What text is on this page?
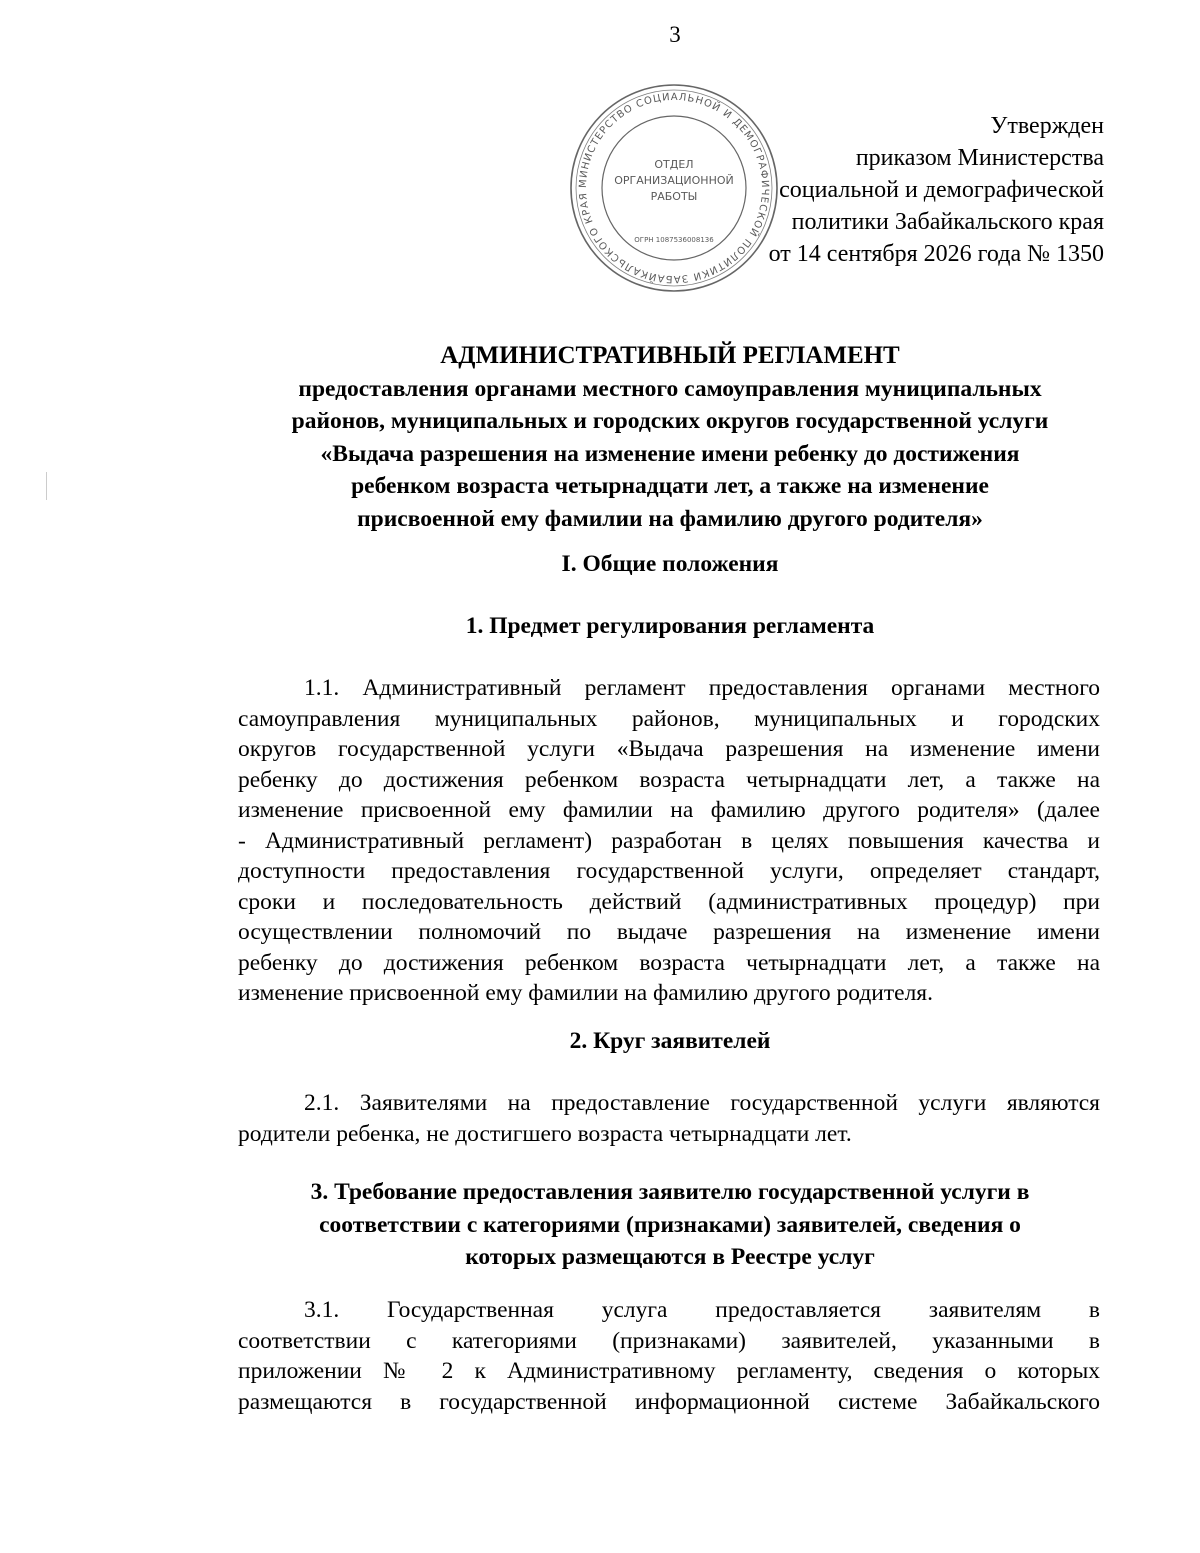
3
МИНИСТЕРСТВО СОЦИАЛЬНОЙ И ДЕМОГРАФИЧЕСКОЙ ПОЛИТИКИ ЗАБАЙКАЛЬСКОГО КРАЯ
ОТДЕЛ
ОРГАНИЗАЦИОННОЙ
РАБОТЫ
ОГРН 1087536008136
Утвержден
приказом Министерства
социальной и демографической
политики Забайкальского края
от 14 сентября 2026 года № 1350
АДМИНИСТРАТИВНЫЙ РЕГЛАМЕНТ
предоставления органами местного самоуправления муниципальных
районов, муниципальных и городских округов государственной услуги
«Выдача разрешения на изменение имени ребенку до достижения
ребенком возраста четырнадцати лет, а также на изменение
присвоенной ему фамилии на фамилию другого родителя»
I. Общие положения
1. Предмет регулирования регламента
1.1. Административный регламент предоставления органами местного
самоуправления муниципальных районов, муниципальных и городских
округов государственной услуги «Выдача разрешения на изменение имени
ребенку до достижения ребенком возраста четырнадцати лет, а также на
изменение присвоенной ему фамилии на фамилию другого родителя» (далее
- Административный регламент) разработан в целях повышения качества и
доступности предоставления государственной услуги, определяет стандарт,
сроки и последовательность действий (административных процедур) при
осуществлении полномочий по выдаче разрешения на изменение имени
ребенку до достижения ребенком возраста четырнадцати лет, а также на
изменение присвоенной ему фамилии на фамилию другого родителя.
2. Круг заявителей
2.1. Заявителями на предоставление государственной услуги являются
родители ребенка, не достигшего возраста четырнадцати лет.
3. Требование предоставления заявителю государственной услуги в
соответствии с категориями (признаками) заявителей, сведения о
которых размещаются в Реестре услуг
3.1. Государственная услуга предоставляется заявителям в
соответствии с категориями (признаками) заявителей, указанными в
приложении № 2 к Административному регламенту, сведения о которых
размещаются в государственной информационной системе Забайкальского
